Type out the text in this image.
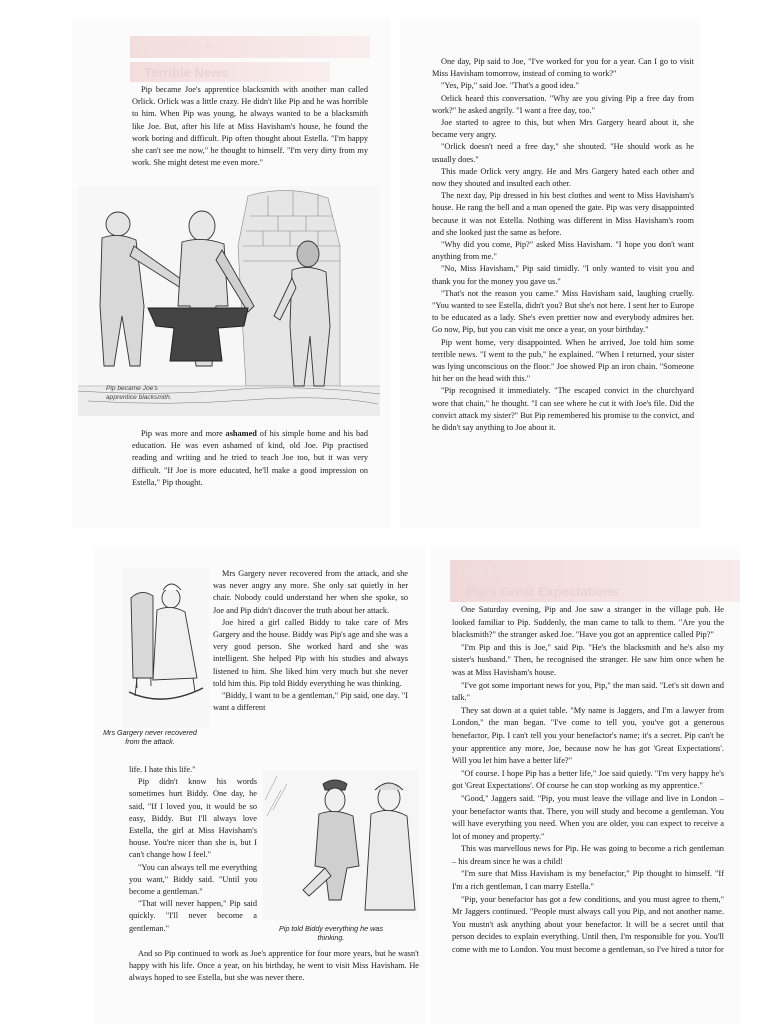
CHAPTER 5
Terrible News

Pip became Joe's apprentice blacksmith with another man called Orlick. Orlick was a little crazy. He didn't like Pip and he was horrible to him. When Pip was young, he always wanted to be a blacksmith like Joe. But, after his life at Miss Havisham's house, he found the work boring and difficult. Pip often thought about Estella. "I'm happy she can't see me now," he thought to himself. "I'm very dirty from my work. She might detest me even more."

Pip became Joe's apprentice blacksmith.

Pip was more and more ashamed of his simple home and his bad education. He was even ashamed of kind, old Joe. Pip practised reading and writing and he tried to teach Joe too, but it was very difficult. "If Joe is more educated, he'll make a good impression on Estella," Pip thought.

One day, Pip said to Joe, "I've worked for you for a year. Can I go to visit Miss Havisham tomorrow, instead of coming to work?"

"Yes, Pip," said Joe. "That's a good idea."

Orlick heard this conversation. "Why are you giving Pip a free day from work?" he asked angrily. "I want a free day, too."

Joe started to agree to this, but when Mrs Gargery heard about it, she became very angry.

"Orlick doesn't need a free day," she shouted. "He should work as he usually does."

This made Orlick very angry. He and Mrs Gargery hated each other and now they shouted and insulted each other.

The next day, Pip dressed in his best clothes and went to Miss Havisham's house. He rang the bell and a man opened the gate. Pip was very disappointed because it was not Estella. Nothing was different in Miss Havisham's room and she looked just the same as before.

"Why did you come, Pip?" asked Miss Havisham. "I hope you don't want anything from me."

"No, Miss Havisham," Pip said timidly. "I only wanted to visit you and thank you for the money you gave us."

"That's not the reason you came." Miss Havisham said, laughing cruelly. "You wanted to see Estella, didn't you? But she's not here. I sent her to Europe to be educated as a lady. She's even prettier now and everybody admires her. Go now, Pip, but you can visit me once a year, on your birthday."

Pip went home, very disappointed. When he arrived, Joe told him some terrible news. "I went to the pub," he explained. "When I returned, your sister was lying unconscious on the floor." Joe showed Pip an iron chain. "Someone hit her on the head with this."

"Pip recognised it immediately. "The escaped convict in the churchyard wore that chain," he thought. "I can see where he cut it with Joe's file. Did the convict attack my sister?" But Pip remembered his promise to the convict, and he didn't say anything to Joe about it.

Mrs Gargery never recovered from the attack.

Mrs Gargery never recovered from the attack, and she was never angry any more. She only sat quietly in her chair. Nobody could understand her when she spoke, so Joe and Pip didn't discover the truth about her attack.

Joe hired a girl called Biddy to take care of Mrs Gargery and the house. Biddy was Pip's age and she was a very good person. She worked hard and she was intelligent. She helped Pip with his studies and always listened to him. She liked him very much but she never told him this. Pip told Biddy everything he was thinking.

"Biddy, I want to be a gentleman," Pip said, one day. "I want a different

life. I hate this life."

Pip didn't know his words sometimes hurt Biddy. One day, he said, "If I loved you, it would be so easy, Biddy. But I'll always love Estella, the girl at Miss Havisham's house. You're nicer than she is, but I can't change how I feel."

"You can always tell me everything you want," Biddy said. "Until you become a gentleman."

"That will never happen," Pip said quickly. "I'll never become a gentleman."	Pip told Biddy everything he was thinking.

And so Pip continued to work as Joe's apprentice for four more years, but he wasn't happy with his life. Once a year, on his birthday, he went to visit Miss Havisham. He always hoped to see Estella, but she was never there.

CHAPTER 6
Pip's Great Expectations

One Saturday evening, Pip and Joe saw a stranger in the village pub. He looked familiar to Pip. Suddenly, the man came to talk to them. "Are you the blacksmith?" the stranger asked Joe. "Have you got an apprentice called Pip?"

"I'm Pip and this is Joe," said Pip. "He's the blacksmith and he's also my sister's husband." Then, he recognised the stranger. He saw him once when he was at Miss Havisham's house.

"I've got some important news for you, Pip," the man said. "Let's sit down and talk."

They sat down at a quiet table. "My name is Jaggers, and I'm a lawyer from London," the man began. "I've come to tell you, you've got a generous benefactor, Pip. I can't tell you your benefactor's name; it's a secret. Pip can't be your apprentice any more, Joe, because now he has got 'Great Expectations'. Will you let him have a better life?"

"Of course. I hope Pip has a better life," Joe said quietly. "I'm very happy he's got 'Great Expectations'. Of course he can stop working as my apprentice."

"Good," Jaggers said. "Pip, you must leave the village and live in London – your benefactor wants that. There, you will study and become a gentleman. You will have everything you need. When you are older, you can expect to receive a lot of money and property."

This was marvellous news for Pip. He was going to become a rich gentleman – his dream since he was a child!

"I'm sure that Miss Havisham is my benefactor," Pip thought to himself. "If I'm a rich gentleman, I can marry Estella."

"Pip, your benefactor has got a few conditions, and you must agree to them," Mr Jaggers continued. "People must always call you Pip, and not another name. You mustn't ask anything about your benefactor. It will be a secret until that person decides to explain everything. Until then, I'm responsible for you. You'll come with me to London. You must become a gentleman, so I've hired a tutor for
